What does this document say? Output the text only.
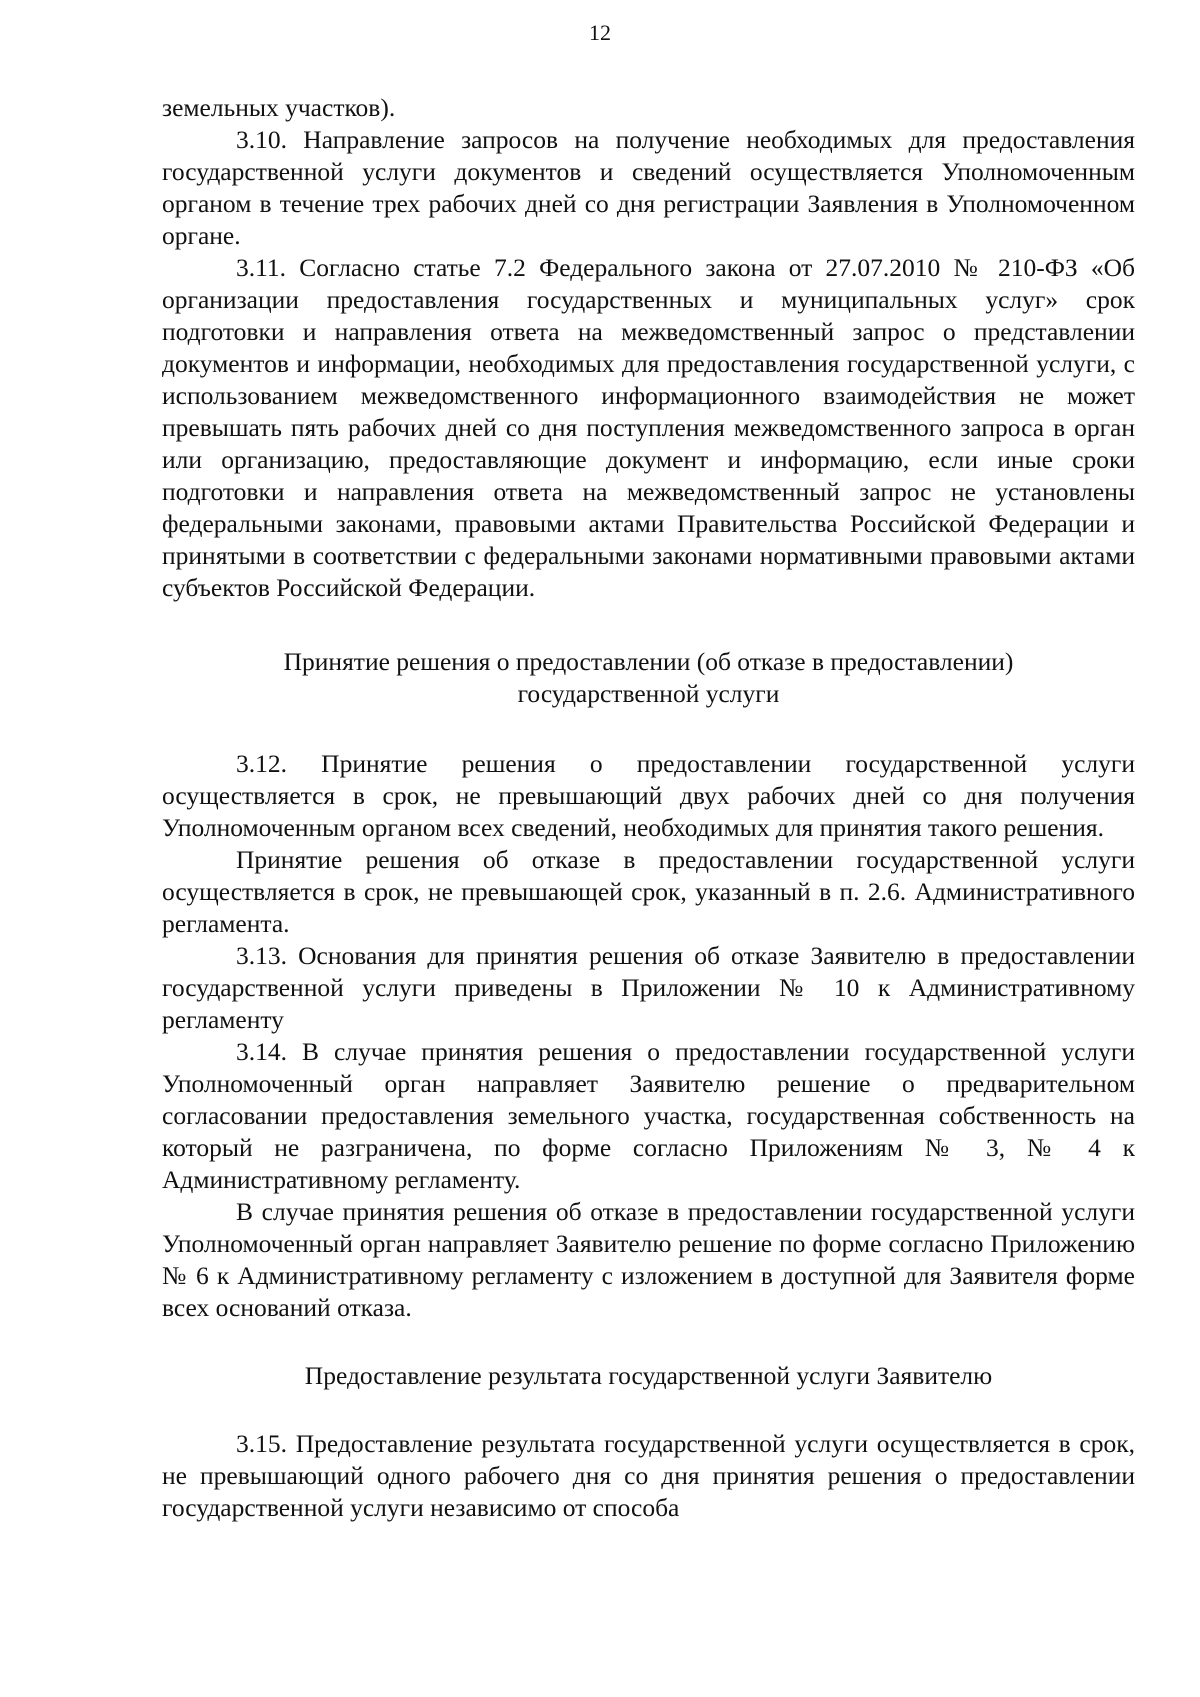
12

земельных участков).

3.10. Направление запросов на получение необходимых для предоставления государственной услуги документов и сведений осуществляется Уполномоченным органом в течение трех рабочих дней со дня регистрации Заявления в Уполномоченном органе.

3.11. Согласно статье 7.2 Федерального закона от 27.07.2010 № 210-ФЗ «Об организации предоставления государственных и муниципальных услуг» срок подготовки и направления ответа на межведомственный запрос о представлении документов и информации, необходимых для предоставления государственной услуги, с использованием межведомственного информационного взаимодействия не может превышать пять рабочих дней со дня поступления межведомственного запроса в орган или организацию, предоставляющие документ и информацию, если иные сроки подготовки и направления ответа на межведомственный запрос не установлены федеральными законами, правовыми актами Правительства Российской Федерации и принятыми в соответствии с федеральными законами нормативными правовыми актами субъектов Российской Федерации.

Принятие решения о предоставлении (об отказе в предоставлении)
государственной услуги

3.12. Принятие решения о предоставлении государственной услуги осуществляется в срок, не превышающий двух рабочих дней со дня получения Уполномоченным органом всех сведений, необходимых для принятия такого решения.

Принятие решения об отказе в предоставлении государственной услуги осуществляется в срок, не превышающей срок, указанный в п. 2.6. Административного регламента.

3.13. Основания для принятия решения об отказе Заявителю в предоставлении государственной услуги приведены в Приложении № 10 к Административному регламенту

3.14. В случае принятия решения о предоставлении государственной услуги Уполномоченный орган направляет Заявителю решение о предварительном согласовании предоставления земельного участка, государственная собственность на который не разграничена, по форме согласно Приложениям № 3, № 4 к Административному регламенту.

В случае принятия решения об отказе в предоставлении государственной услуги Уполномоченный орган направляет Заявителю решение по форме согласно Приложению № 6 к Административному регламенту с изложением в доступной для Заявителя форме всех оснований отказа.

Предоставление результата государственной услуги Заявителю

3.15. Предоставление результата государственной услуги осуществляется в срок, не превышающий одного рабочего дня со дня принятия решения о предоставлении государственной услуги независимо от способа
